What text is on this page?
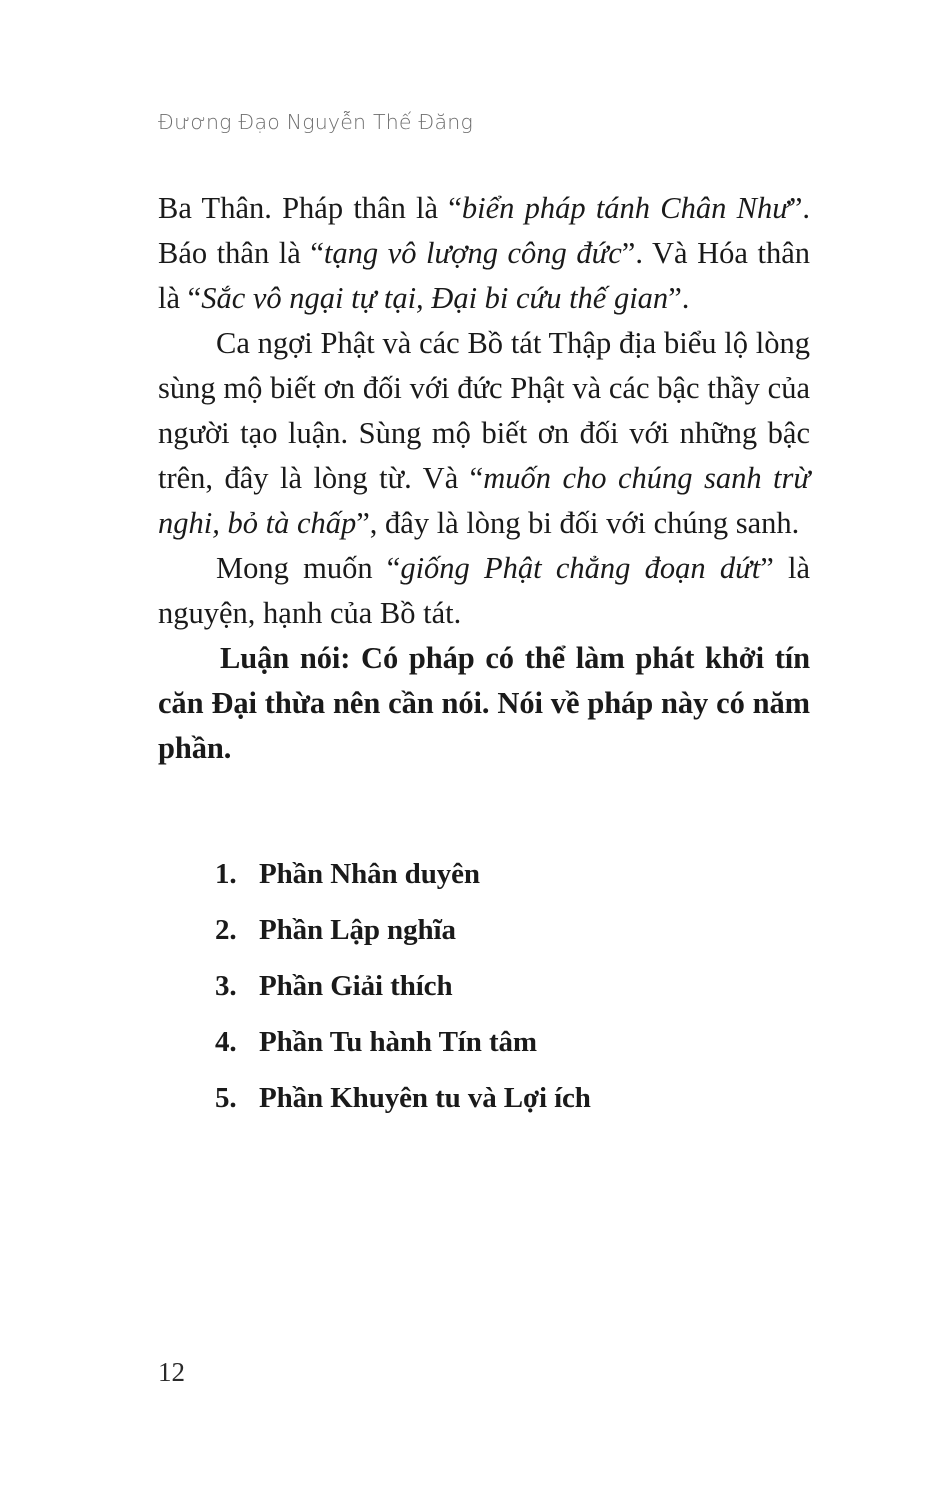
Đương Đạo Nguyễn Thế Đăng

Ba Thân. Pháp thân là “biển pháp tánh Chân Như”. Báo thân là “tạng vô lượng công đức”. Và Hóa thân là “Sắc vô ngại tự tại, Đại bi cứu thế gian”.

Ca ngợi Phật và các Bồ tát Thập địa biểu lộ lòng sùng mộ biết ơn đối với đức Phật và các bậc thầy của người tạo luận. Sùng mộ biết ơn đối với những bậc trên, đây là lòng từ. Và “muốn cho chúng sanh trừ nghi, bỏ tà chấp”, đây là lòng bi đối với chúng sanh.

Mong muốn “giống Phật chẳng đoạn dứt” là nguyện, hạnh của Bồ tát.

Luận nói: Có pháp có thể làm phát khởi tín căn Đại thừa nên cần nói. Nói về pháp này có năm phần.

1. Phần Nhân duyên
2. Phần Lập nghĩa
3. Phần Giải thích
4. Phần Tu hành Tín tâm
5. Phần Khuyên tu và Lợi ích
12
